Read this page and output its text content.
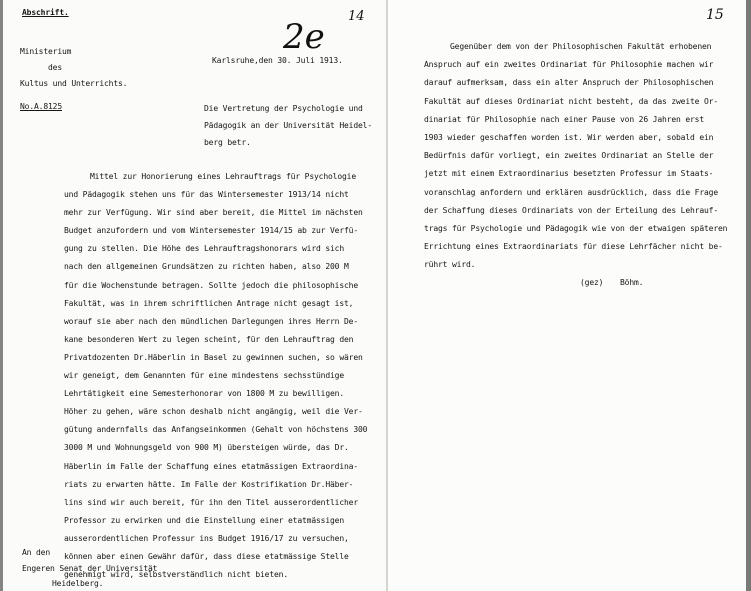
Abschrift.
Ministerium
des
Kultus und Unterrichts.
No.A.8125
Karlsruhe,den 30. Juli 1913.
2e
14
Die Vertretung der Psychologie und
Pädagogik an der Universität Heidel-
berg betr.
Mittel zur Honorierung eines Lehrauftrags für Psychologie
und Pädagogik stehen uns für das Wintersemester 1913/14 nicht
mehr zur Verfügung. Wir sind aber bereit, die Mittel im nächsten
Budget anzufordern und vom Wintersemester 1914/15 ab zur Verfü-
gung zu stellen. Die Höhe des Lehrauftragshonorars wird sich
nach den allgemeinen Grundsätzen zu richten haben, also 200 M
für die Wochenstunde betragen. Sollte jedoch die philosophische
Fakultät, was in ihrem schriftlichen Antrage nicht gesagt ist,
worauf sie aber nach den mündlichen Darlegungen ihres Herrn De-
kane besonderen Wert zu legen scheint, für den Lehrauftrag den
Privatdozenten Dr.Häberlin in Basel zu gewinnen suchen, so wären
wir geneigt, dem Genannten für eine mindestens sechsstündige
Lehrtätigkeit eine Semesterhonorar von 1800 M zu bewilligen.
Höher zu gehen, wäre schon deshalb nicht angängig, weil die Ver-
gütung andernfalls das Anfangseinkommen (Gehalt von höchstens 300
3000 M und Wohnungsgeld von 900 M) übersteigen würde, das Dr.
Häberlin im Falle der Schaffung eines etatmässigen Extraordina-
riats zu erwarten hätte. Im Falle der Kostrifikation Dr.Häber-
lins sind wir auch bereit, für ihn den Titel ausserordentlicher
Professor zu erwirken und die Einstellung einer etatmässigen
ausserordentlichen Professur ins Budget 1916/17 zu versuchen,
können aber einen Gewähr dafür, dass diese etatmässige Stelle
genehmigt wird, selbstverständlich nicht bieten.
An den
Engeren Senat der Universität
Heidelberg.
15
Gegenüber dem von der Philosophischen Fakultät erhobenen
Anspruch auf ein zweites Ordinariat für Philosophie machen wir
darauf aufmerksam, dass ein alter Anspruch der Philosophischen
Fakultät auf dieses Ordinariat nicht besteht, da das zweite Or-
dinariat für Philosophie nach einer Pause von 26 Jahren erst
1903 wieder geschaffen worden ist. Wir werden aber, sobald ein
Bedürfnis dafür vorliegt, ein zweites Ordinariat an Stelle der
jetzt mit einem Extraordinarius besetzten Professur im Staats-
voranschlag anfordern und erklären ausdrücklich, dass die Frage
der Schaffung dieses Ordinariats von der Erteilung des Lehrauf-
trags für Psychologie und Pädagogik wie von der etwaigen späteren
Errichtung eines Extraordinariats für diese Lehrfächer nicht be-
rührt wird.
(gez) Böhm.
